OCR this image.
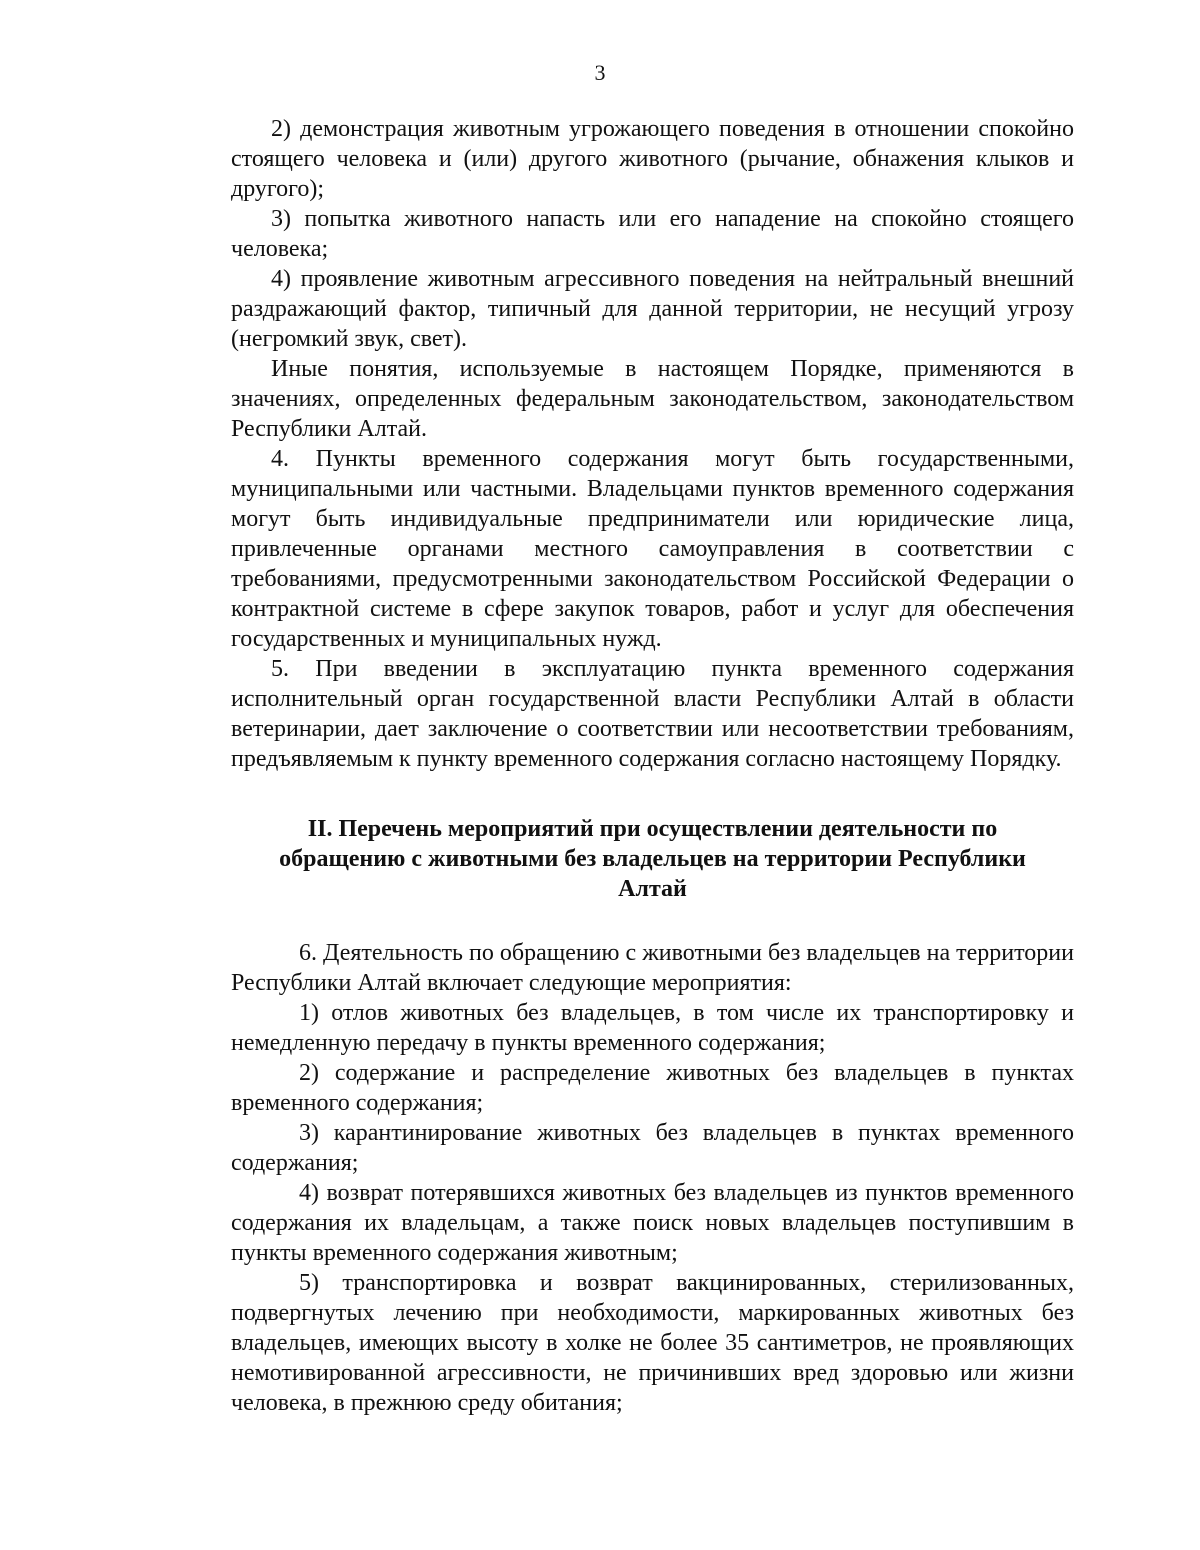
3

2) демонстрация животным угрожающего поведения в отношении спокойно стоящего человека и (или) другого животного (рычание, обнажения клыков и другого);

3) попытка животного напасть или его нападение на спокойно стоящего человека;

4) проявление животным агрессивного поведения на нейтральный внешний раздражающий фактор, типичный для данной территории, не несущий угрозу (негромкий звук, свет).

Иные понятия, используемые в настоящем Порядке, применяются в значениях, определенных федеральным законодательством, законодательством Республики Алтай.

4. Пункты временного содержания могут быть государственными, муниципальными или частными. Владельцами пунктов временного содержания могут быть индивидуальные предприниматели или юридические лица, привлеченные органами местного самоуправления в соответствии с требованиями, предусмотренными законодательством Российской Федерации о контрактной системе в сфере закупок товаров, работ и услуг для обеспечения государственных и муниципальных нужд.

5. При введении в эксплуатацию пункта временного содержания исполнительный орган государственной власти Республики Алтай в области ветеринарии, дает заключение о соответствии или несоответствии требованиям, предъявляемым к пункту временного содержания согласно настоящему Порядку.

II. Перечень мероприятий при осуществлении деятельности по обращению с животными без владельцев на территории Республики Алтай

6. Деятельность по обращению с животными без владельцев на территории Республики Алтай включает следующие мероприятия:

1) отлов животных без владельцев, в том числе их транспортировку и немедленную передачу в пункты временного содержания;

2) содержание и распределение животных без владельцев в пунктах временного содержания;

3) карантинирование животных без владельцев в пунктах временного содержания;

4) возврат потерявшихся животных без владельцев из пунктов временного содержания их владельцам, а также поиск новых владельцев поступившим в пункты временного содержания животным;

5) транспортировка и возврат вакцинированных, стерилизованных, подвергнутых лечению при необходимости, маркированных животных без владельцев, имеющих высоту в холке не более 35 сантиметров, не проявляющих немотивированной агрессивности, не причинивших вред здоровью или жизни человека, в прежнюю среду обитания;
